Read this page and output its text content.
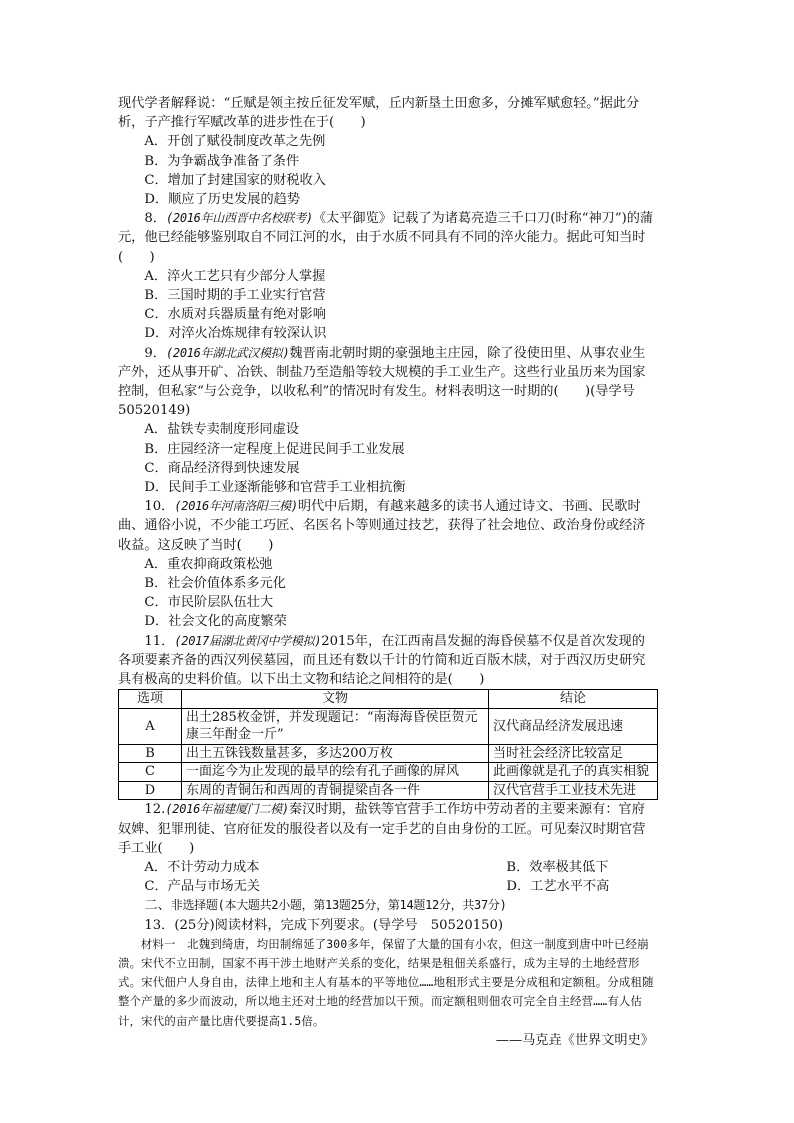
现代学者解释说：“丘赋是领主按丘征发军赋，丘内新垦土田愈多，分摊军赋愈轻。”据此分析，子产推行军赋改革的进步性在于(　　)

A．开创了赋役制度改革之先例

B．为争霸战争准备了条件

C．增加了封建国家的财税收入

D．顺应了历史发展的趋势

8．(2016年山西晋中名校联考)《太平御览》记载了为诸葛亮造三千口刀(时称“神刀”)的蒲元，他已经能够鉴别取自不同江河的水，由于水质不同具有不同的淬火能力。据此可知当时(　　)

A．淬火工艺只有少部分人掌握

B．三国时期的手工业实行官营

C．水质对兵器质量有绝对影响

D．对淬火冶炼规律有较深认识

9．(2016年湖北武汉模拟)魏晋南北朝时期的豪强地主庄园，除了役使田里、从事农业生产外，还从事开矿、冶铁、制盐乃至造船等较大规模的手工业生产。这些行业虽历来为国家控制，但私家“与公竞争，以收私利”的情况时有发生。材料表明这一时期的(　　)(导学号　50520149)

A．盐铁专卖制度形同虚设

B．庄园经济一定程度上促进民间手工业发展

C．商品经济得到快速发展

D．民间手工业逐渐能够和官营手工业相抗衡

10．(2016年河南洛阳三模)明代中后期，有越来越多的读书人通过诗文、书画、民歌时曲、通俗小说，不少能工巧匠、名医名卜等则通过技艺，获得了社会地位、政治身份或经济收益。这反映了当时(　　)

A．重农抑商政策松弛

B．社会价值体系多元化

C．市民阶层队伍壮大

D．社会文化的高度繁荣

11．(2017届湖北黄冈中学模拟)2015年，在江西南昌发掘的海昏侯墓不仅是首次发现的各项要素齐备的西汉列侯墓园，而且还有数以千计的竹简和近百版木牍，对于西汉历史研究具有极高的史料价值。以下出土文物和结论之间相符的是(　　)

选项	文物	结论
A	出土285枚金饼，并发现题记：“南海海昏侯臣贺元康三年酎金一斤”	汉代商品经济发展迅速
B	出土五铢钱数量甚多，多达200万枚	当时社会经济比较富足
C	一面迄今为止发现的最早的绘有孔子画像的屏风	此画像就是孔子的真实相貌
D	东周的青铜缶和西周的青铜提梁卣各一件	汉代官营手工业技术先进

12.(2016年福建厦门二模)秦汉时期，盐铁等官营手工作坊中劳动者的主要来源有：官府奴婢、犯罪刑徒、官府征发的服役者以及有一定手艺的自由身份的工匠。可见秦汉时期官营手工业(　　)

A．不计劳动力成本	B．效率极其低下
C．产品与市场无关	D．工艺水平不高

二、非选择题(本大题共2小题，第13题25分，第14题12分，共37分)

13．(25分)阅读材料，完成下列要求。(导学号　50520150)

材料一　北魏到绮唐，均田制绵延了300多年，保留了大量的国有小农，但这一制度到唐中叶已经崩溃。宋代不立田制，国家不再干涉土地财产关系的变化，结果是租佃关系盛行，成为主导的土地经营形式。宋代佃户人身自由，法律上地和主人有基本的平等地位……地租形式主要是分成租和定额租。分成租随整个产量的多少而波动，所以地主还对土地的经营加以干预。而定额租则佃农可完全自主经营……有人估计，宋代的亩产量比唐代要提高1.5倍。

——马克垚《世界文明史》
